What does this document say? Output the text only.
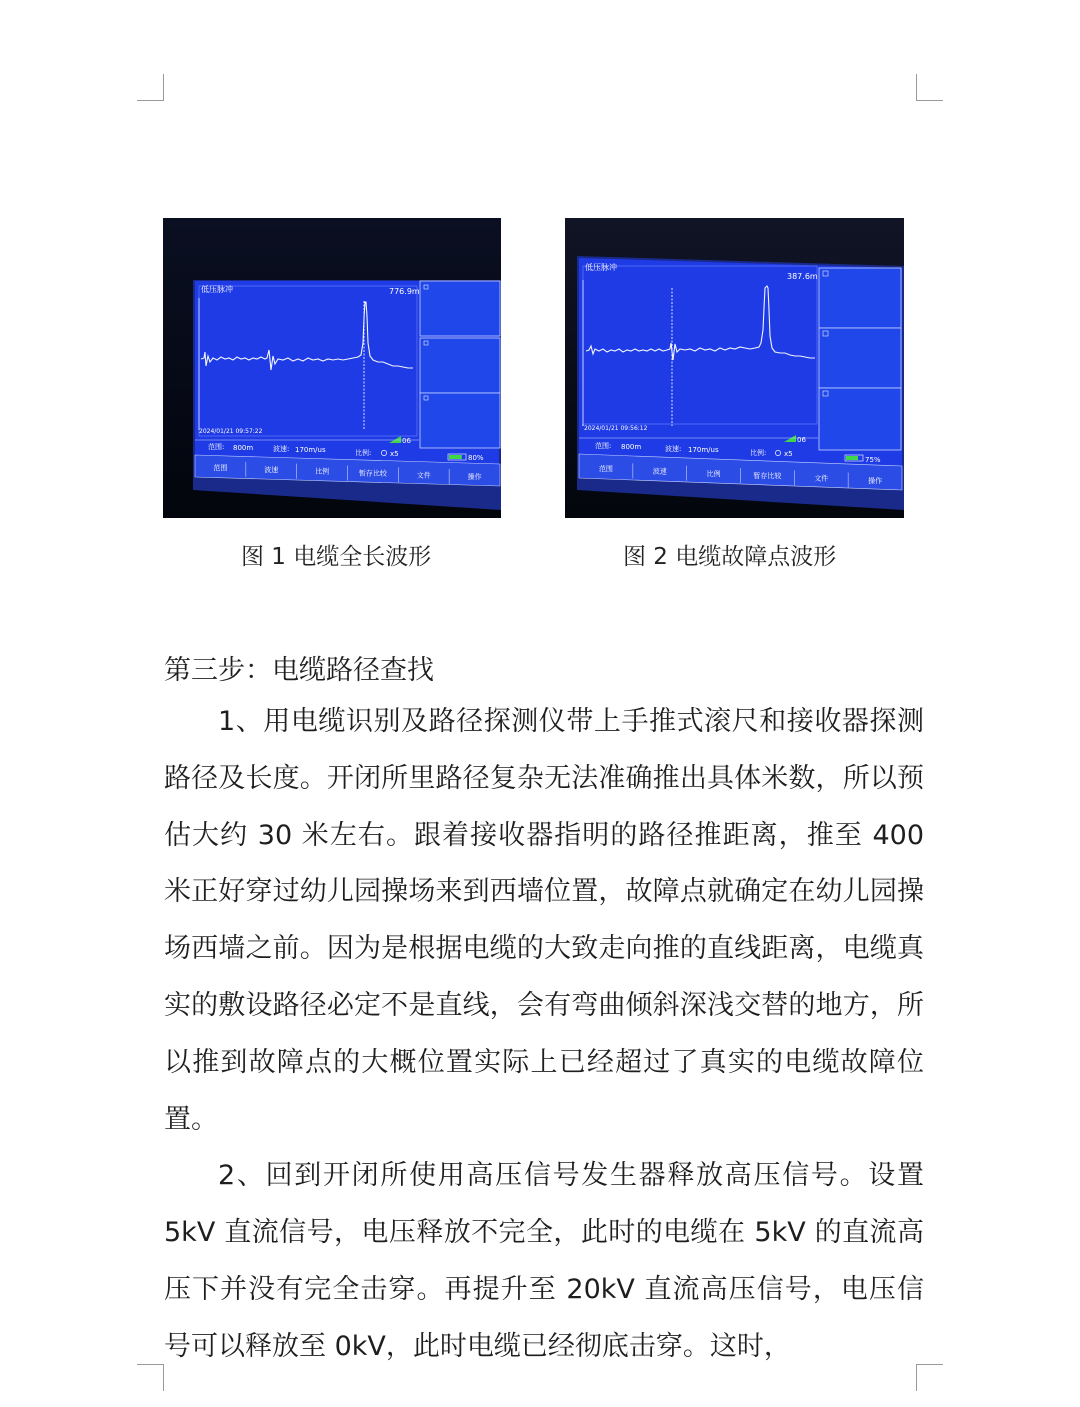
低压脉冲	776.9m
2024/01/21 09:57:22
06
范围: 800m	波速: 170m/us	比例:	x5	80%
范围	波速	比例	暂存比较	文件	操作
低压脉冲
387.6m
2024/01/21 09:56:12
06
范围: 800m	波速: 170m/us	比例:	x5
75%
范围	波速	比例	暂存比较	文件	操作
图 1 电缆全长波形	图 2 电缆故障点波形
第三步：电缆路径查找

1、用电缆识别及路径探测仪带上手推式滚尺和接收器探测路径及长度。开闭所里路径复杂无法准确推出具体米数，所以预估大约 30 米左右。跟着接收器指明的路径推距离，推至 400 米正好穿过幼儿园操场来到西墙位置，故障点就确定在幼儿园操场西墙之前。因为是根据电缆的大致走向推的直线距离，电缆真实的敷设路径必定不是直线，会有弯曲倾斜深浅交替的地方，所以推到故障点的大概位置实际上已经超过了真实的电缆故障位置。

2、回到开闭所使用高压信号发生器释放高压信号。设置 5kV 直流信号，电压释放不完全，此时的电缆在 5kV 的直流高压下并没有完全击穿。再提升至 20kV 直流高压信号，电压信号可以释放至 0kV，此时电缆已经彻底击穿。这时，
